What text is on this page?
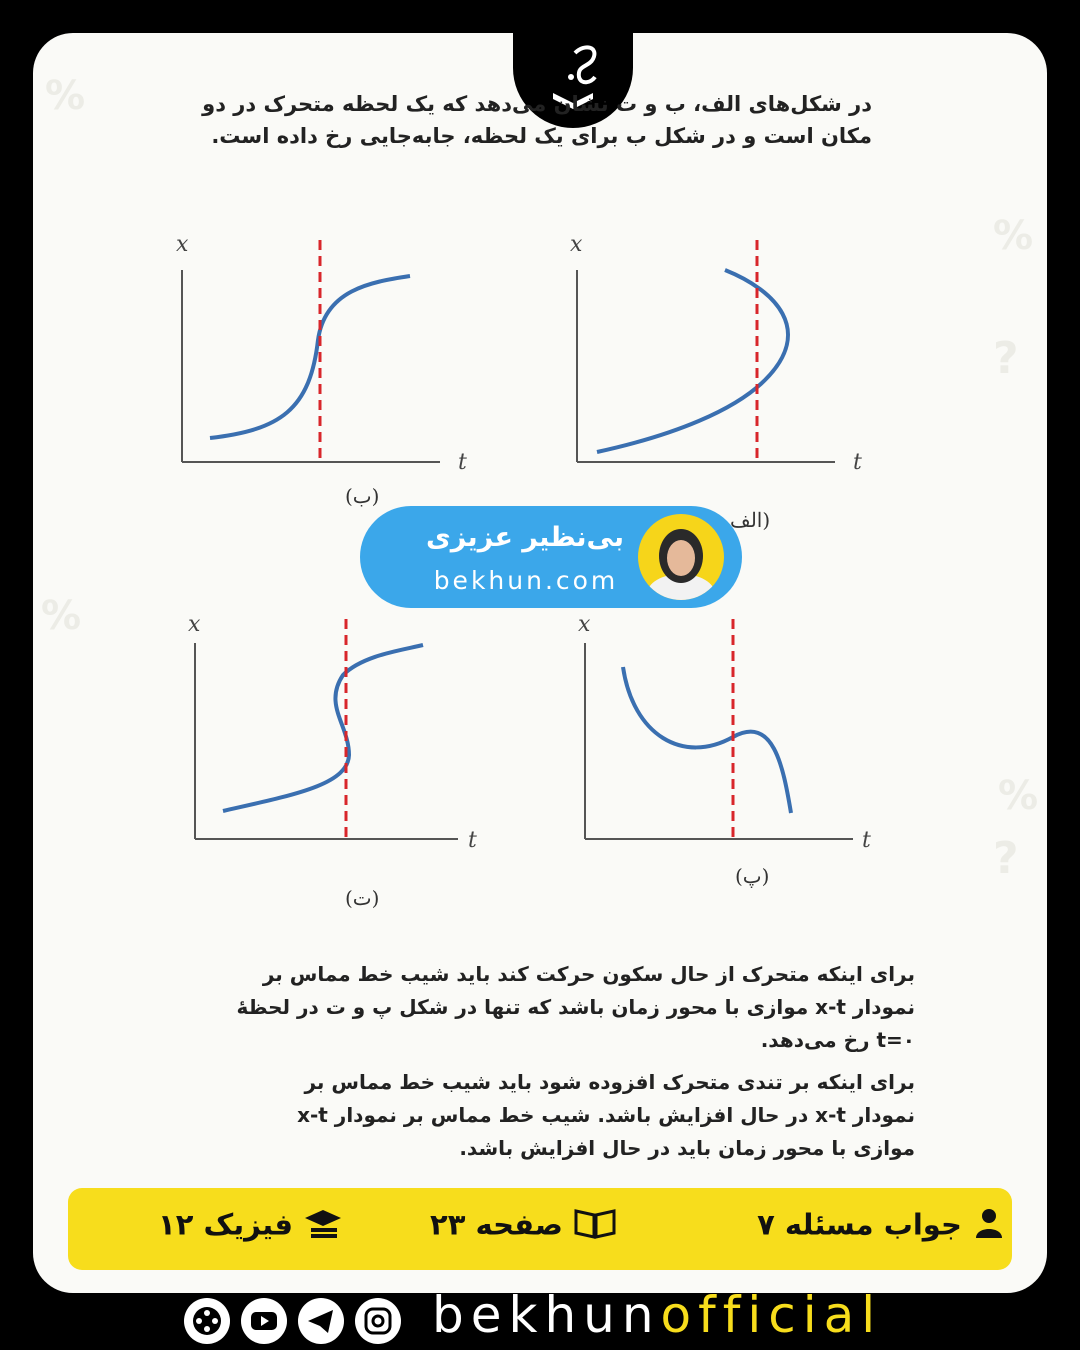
%
%
%
%
?
?
در شکل‌های الف، ب و ت نشان می‌دهد که یک لحظه متحرک در دو
مکان است و در شکل ب برای یک لحظه، جابه‌جایی رخ داده است.
x
t
(ب)
x
t
(الف
بی‌نظیر عزیزی
bekhun.com
x
t
(ت)
x
t
(پ)
برای اینکه متحرک از حال سکون حرکت کند باید شیب خط مماس بر
نمودار x-t موازی با محور زمان باشد که تنها در شکل پ و ت در لحظهٔ
t=۰ رخ می‌دهد.
برای اینکه بر تندی متحرک افزوده شود باید شیب خط مماس بر
نمودار x-t در حال افزایش باشد. شیب خط مماس بر نمودار x-t
موازی با محور زمان باید در حال افزایش باشد.
جواب مسئله ۷
صفحه ۲۳
فیزیک ۱۲
bekhunofficial
